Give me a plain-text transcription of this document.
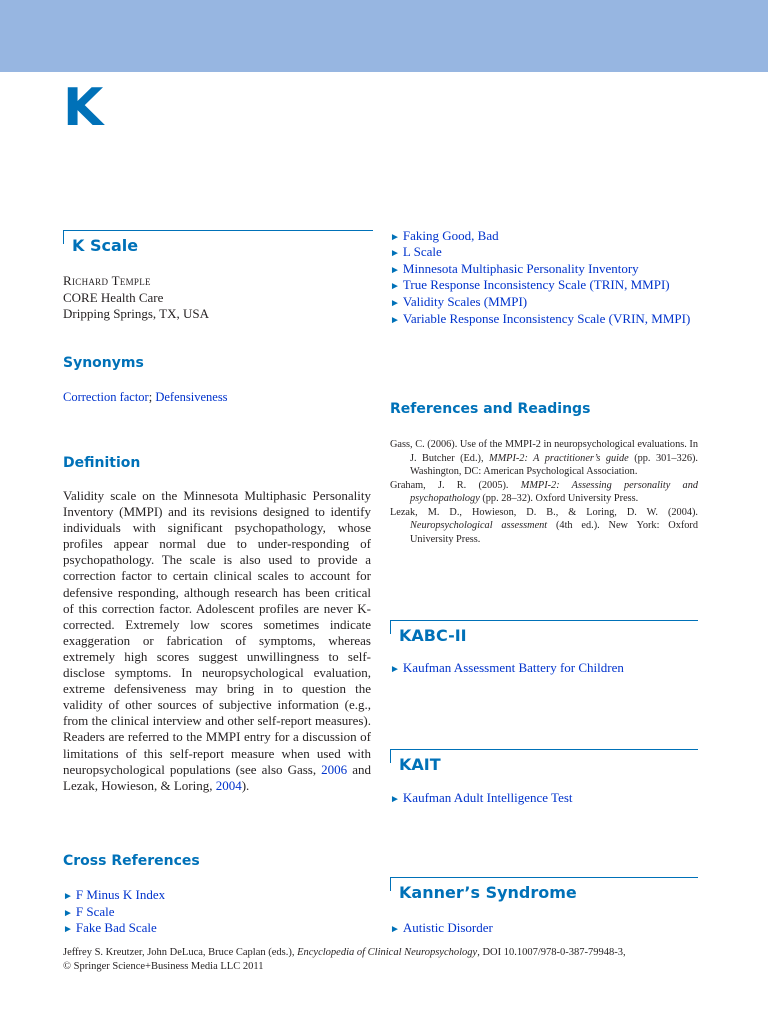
K
K Scale
Richard Temple
CORE Health Care
Dripping Springs, TX, USA
Synonyms
Correction factor; Defensiveness
Definition
Validity scale on the Minnesota Multiphasic Personality Inventory (MMPI) and its revisions designed to identify individuals with significant psychopathology, whose profiles appear normal due to under-responding of psychopathology. The scale is also used to provide a correction factor to certain clinical scales to account for defensive responding, although research has been critical of this correction factor. Adolescent profiles are never K-corrected. Extremely low scores sometimes indicate exaggeration or fabrication of symptoms, whereas extremely high scores suggest unwillingness to self-disclose symptoms. In neuropsychological evaluation, extreme defensiveness may bring in to question the validity of other sources of subjective information (e.g., from the clinical interview and other self-report measures). Readers are referred to the MMPI entry for a discussion of limitations of this self-report measure when used with neuropsychological populations (see also Gass, 2006 and Lezak, Howieson, & Loring, 2004).
Cross References
► F Minus K Index
► F Scale
► Fake Bad Scale
► Faking Good, Bad
► L Scale
► Minnesota Multiphasic Personality Inventory
► True Response Inconsistency Scale (TRIN, MMPI)
► Validity Scales (MMPI)
► Variable Response Inconsistency Scale (VRIN, MMPI)
References and Readings
Gass, C. (2006). Use of the MMPI-2 in neuropsychological evaluations. In J. Butcher (Ed.), MMPI-2: A practitioner’s guide (pp. 301–326). Washington, DC: American Psychological Association.
Graham, J. R. (2005). MMPI-2: Assessing personality and psychopathology (pp. 28–32). Oxford University Press.
Lezak, M. D., Howieson, D. B., & Loring, D. W. (2004). Neuropsychological assessment (4th ed.). New York: Oxford University Press.
KABC-II
► Kaufman Assessment Battery for Children
KAIT
► Kaufman Adult Intelligence Test
Kanner’s Syndrome
► Autistic Disorder
Jeffrey S. Kreutzer, John DeLuca, Bruce Caplan (eds.), Encyclopedia of Clinical Neuropsychology, DOI 10.1007/978-0-387-79948-3,
© Springer Science+Business Media LLC 2011
